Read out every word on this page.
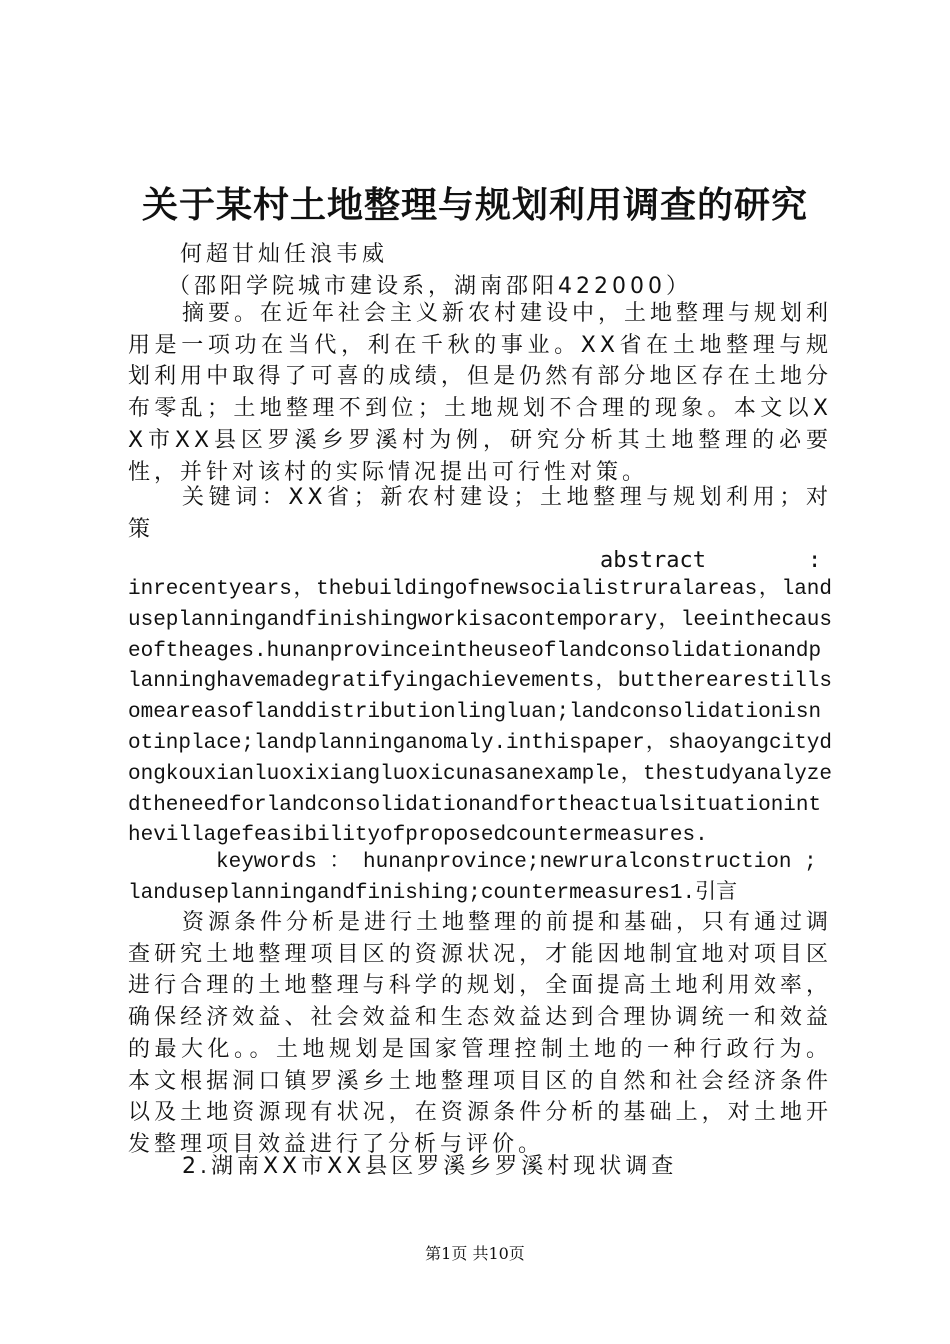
关于某村土地整理与规划利用调查的研究
何超甘灿任浪韦威
（邵阳学院城市建设系，湖南邵阳422000）
摘要。在近年社会主义新农村建设中，土地整理与规划利用是一项功在当代，利在千秋的事业。XX省在土地整理与规划利用中取得了可喜的成绩，但是仍然有部分地区存在土地分布零乱；土地整理不到位；土地规划不合理的现象。本文以XX市XX县区罗溪乡罗溪村为例，研究分析其土地整理的必要性，并针对该村的实际情况提出可行性对策。
关键词：XX省；新农村建设；土地整理与规划利用；对策
abstract	:
inrecentyears，thebuildingofnewsocialistruralareas，landuseplanningandfinishingworkisacontemporary，leeinthecauseoftheages.hunanprovinceintheuseoflandconsolidationandplanninghavemadegratifyingachievements，buttherearestillsomeareasoflanddistributionlingluan;landconsolidationisnotinplace;landplanninganomaly.inthispaper，shaoyangcitydongkouxianluoxixiangluoxicunasanexample，thestudyanalyzedtheneedforlandconsolidationandfortheactualsituationinthevillagefeasibilityofproposedcountermeasures.
keywords ： hunanprovince;newruralconstruction ; landuseplanningandfinishing;countermeasures1.引言
资源条件分析是进行土地整理的前提和基础，只有通过调查研究土地整理项目区的资源状况，才能因地制宜地对项目区进行合理的土地整理与科学的规划，全面提高土地利用效率，确保经济效益、社会效益和生态效益达到合理协调统一和效益的最大化。。土地规划是国家管理控制土地的一种行政行为。本文根据洞口镇罗溪乡土地整理项目区的自然和社会经济条件以及土地资源现有状况，在资源条件分析的基础上，对土地开发整理项目效益进行了分析与评价。
2.湖南XX市XX县区罗溪乡罗溪村现状调查
第1页 共10页
